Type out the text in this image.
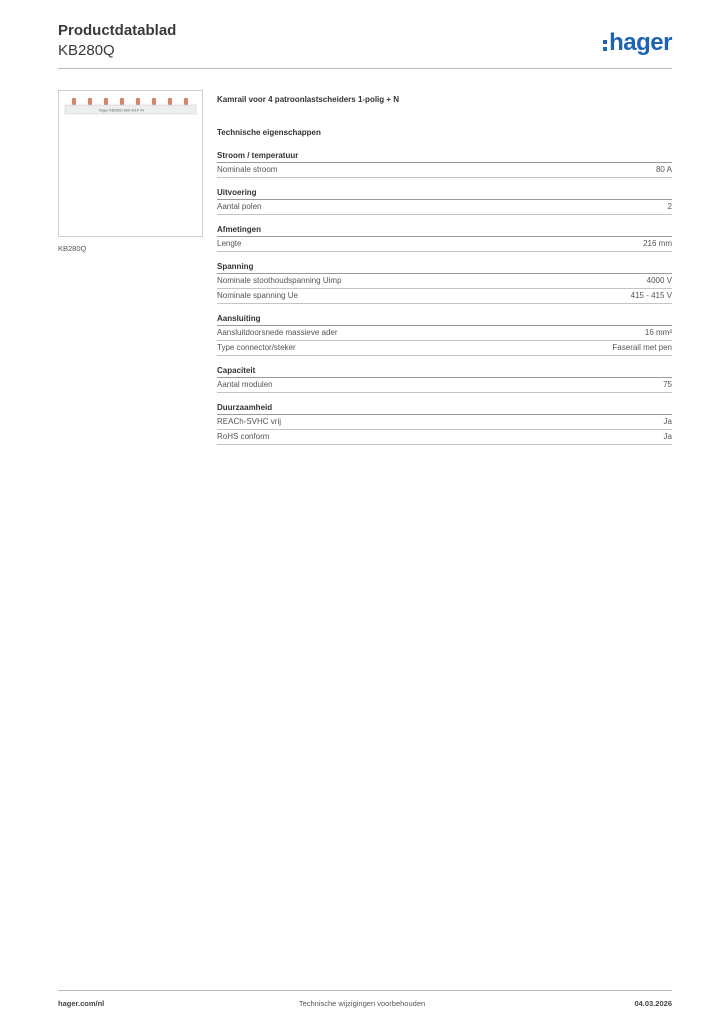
Productdatablad
KB280Q	hager
hager KB280Q 80A 4x1P+N
KB280Q
Kamrail voor 4 patroonlastscheiders 1-polig + N
Technische eigenschappen
Stroom / temperatuur
Nominale stroom	80 A
Uitvoering
Aantal polen	2
Afmetingen
Lengte	216 mm
Spanning
Nominale stoothoudspanning Uimp	4000 V
Nominale spanning Ue	415 - 415 V
Aansluiting
Aansluitdoorsnede massieve ader	16 mm²
Type connector/steker	Faserail met pen
Capaciteit
Aantal modulen	75
Duurzaamheid
REACh-SVHC vrij	Ja
RoHS conform	Ja
hager.com/nl	Technische wijzigingen voorbehouden	04.03.2026
